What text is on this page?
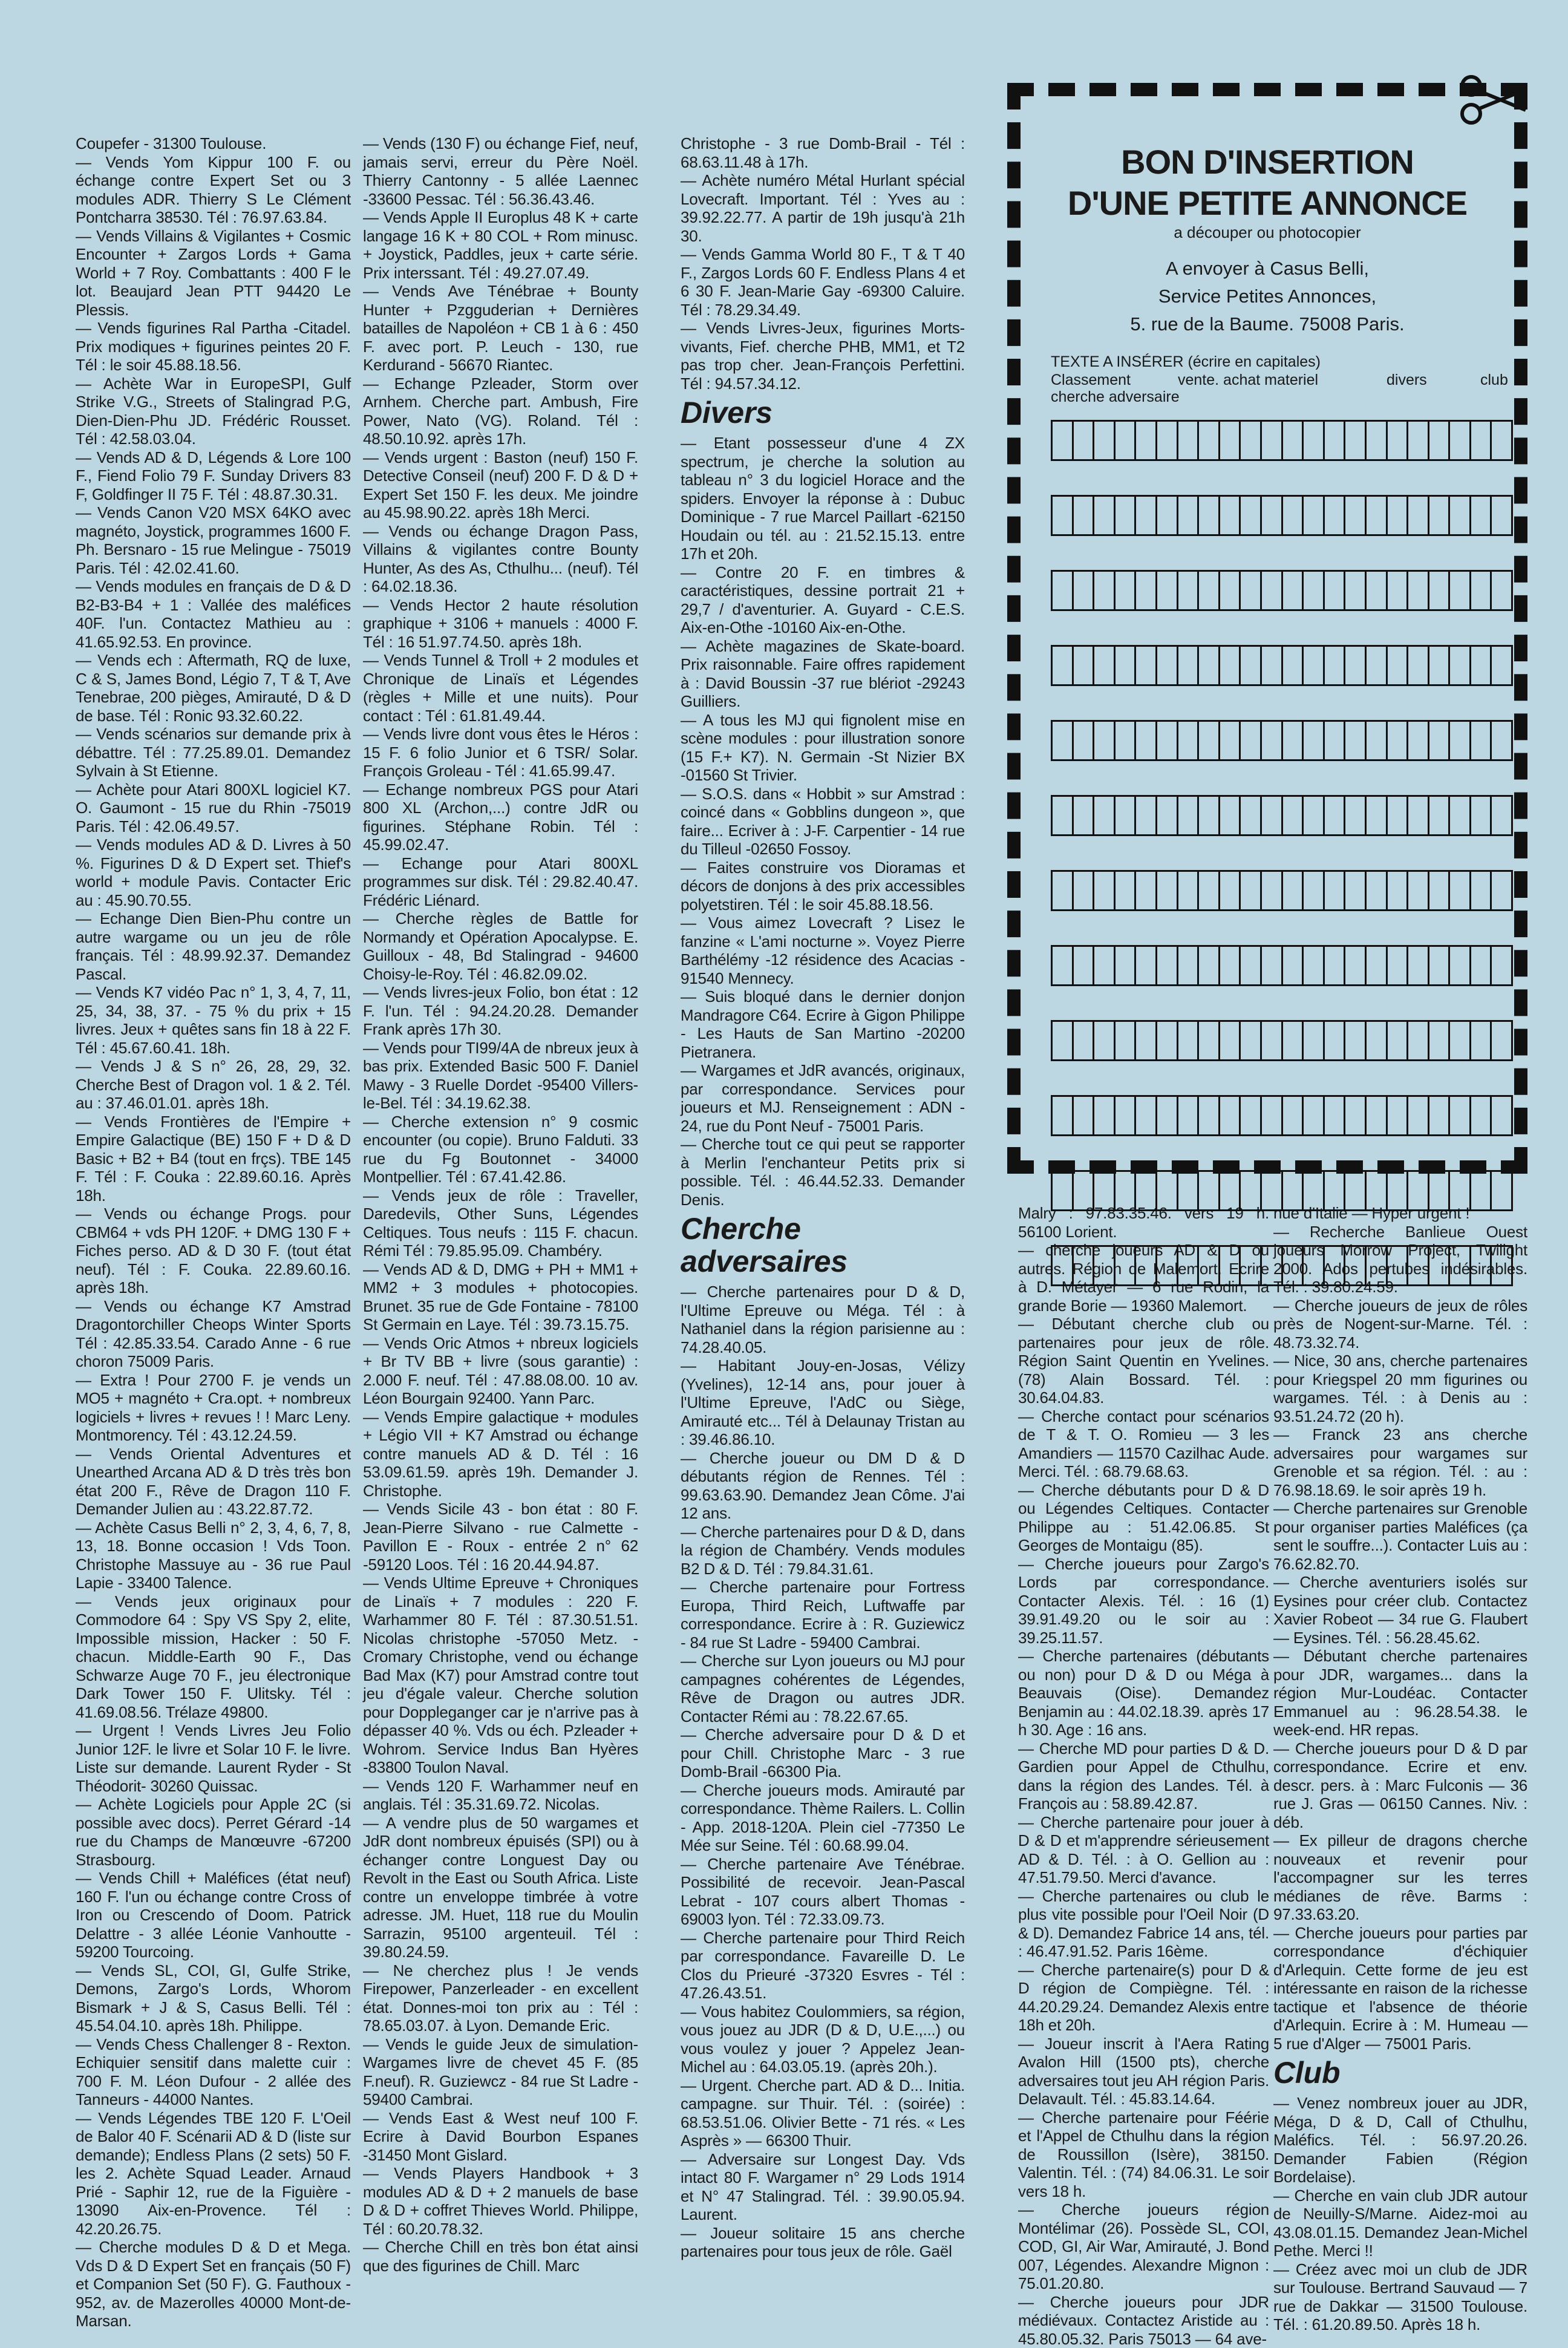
Coupefer - 31300 Toulouse.
— Vends Yom Kippur 100 F. ou échange contre Expert Set ou 3 modules ADR. Thierry S Le Clément Pontcharra 38530. Tél : 76.97.63.84.
— Vends Villains & Vigilantes + Cosmic Encounter + Zargos Lords + Gama World + 7 Roy. Combattants : 400 F le lot. Beaujard Jean PTT 94420 Le Plessis.
— Vends figurines Ral Partha -Citadel. Prix modiques + figurines peintes 20 F. Tél : le soir 45.88.18.56.
— Achète War in EuropeSPI, Gulf Strike V.G., Streets of Stalingrad P.G, Dien-Dien-Phu JD. Frédéric Rousset. Tél : 42.58.03.04.
— Vends AD & D, Légends & Lore 100 F., Fiend Folio 79 F. Sunday Drivers 83 F, Goldfinger II 75 F. Tél : 48.87.30.31.
— Vends Canon V20 MSX 64KO avec magnéto, Joystick, programmes 1600 F. Ph. Bersnaro - 15 rue Melingue - 75019 Paris. Tél : 42.02.41.60.
— Vends modules en français de D & D B2-B3-B4 + 1 : Vallée des maléfices 40F. l'un. Contactez Mathieu au : 41.65.92.53. En province.
— Vends ech : Aftermath, RQ de luxe, C & S, James Bond, Légio 7, T & T, Ave Tenebrae, 200 pièges, Amirauté, D & D de base. Tél : Ronic 93.32.60.22.
— Vends scénarios sur demande prix à débattre. Tél : 77.25.89.01. Demandez Sylvain à St Etienne.
— Achète pour Atari 800XL logiciel K7. O. Gaumont - 15 rue du Rhin -75019 Paris. Tél : 42.06.49.57.
— Vends modules AD & D. Livres à 50 %. Figurines D & D Expert set. Thief's world + module Pavis. Contacter Eric au : 45.90.70.55.
— Echange Dien Bien-Phu contre un autre wargame ou un jeu de rôle français. Tél : 48.99.92.37. Demandez Pascal.
— Vends K7 vidéo Pac n° 1, 3, 4, 7, 11, 25, 34, 38, 37. - 75 % du prix + 15 livres. Jeux + quêtes sans fin 18 à 22 F. Tél : 45.67.60.41. 18h.
— Vends J & S n° 26, 28, 29, 32. Cherche Best of Dragon vol. 1 & 2. Tél. au : 37.46.01.01. après 18h.
— Vends Frontières de l'Empire + Empire Galactique (BE) 150 F + D & D Basic + B2 + B4 (tout en frçs). TBE 145 F. Tél : F. Couka : 22.89.60.16. Après 18h.
— Vends ou échange Progs. pour CBM64 + vds PH 120F. + DMG 130 F + Fiches perso. AD & D 30 F. (tout état neuf). Tél : F. Couka. 22.89.60.16. après 18h.
— Vends ou échange K7 Amstrad Dragontorchiller Cheops Winter Sports Tél : 42.85.33.54. Carado Anne - 6 rue choron 75009 Paris.
— Extra ! Pour 2700 F. je vends un MO5 + magnéto + Cra.opt. + nombreux logiciels + livres + revues ! ! Marc Leny. Montmorency. Tél : 43.12.24.59.
— Vends Oriental Adventures et Unearthed Arcana AD & D très très bon état 200 F., Rêve de Dragon 110 F. Demander Julien au : 43.22.87.72.
— Achète Casus Belli n° 2, 3, 4, 6, 7, 8, 13, 18. Bonne occasion ! Vds Toon. Christophe Massuye au - 36 rue Paul Lapie - 33400 Talence.
— Vends jeux originaux pour Commodore 64 : Spy VS Spy 2, elite, Impossible mission, Hacker : 50 F. chacun. Middle-Earth 90 F., Das Schwarze Auge 70 F., jeu électronique Dark Tower 150 F. Ulitsky. Tél : 41.69.08.56. Trélaze 49800.
— Urgent ! Vends Livres Jeu Folio Junior 12F. le livre et Solar 10 F. le livre. Liste sur demande. Laurent Ryder - St Théodorit- 30260 Quissac.
— Achète Logiciels pour Apple 2C (si possible avec docs). Perret Gérard -14 rue du Champs de Manœuvre -67200 Strasbourg.
— Vends Chill + Maléfices (état neuf) 160 F. l'un ou échange contre Cross of Iron ou Crescendo of Doom. Patrick Delattre - 3 allée Léonie Vanhoutte - 59200 Tourcoing.
— Vends SL, COI, GI, Gulfe Strike, Demons, Zargo's Lords, Whorom Bismark + J & S, Casus Belli. Tél : 45.54.04.10. après 18h. Philippe.
— Vends Chess Challenger 8 - Rexton. Echiquier sensitif dans malette cuir : 700 F. M. Léon Dufour - 2 allée des Tanneurs - 44000 Nantes.
— Vends Légendes TBE 120 F. L'Oeil de Balor 40 F. Scénarii AD & D (liste sur demande); Endless Plans (2 sets) 50 F. les 2. Achète Squad Leader. Arnaud Prié - Saphir 12, rue de la Figuière - 13090 Aix-en-Provence. Tél : 42.20.26.75.
— Cherche modules D & D et Mega. Vds D & D Expert Set en français (50 F) et Companion Set (50 F). G. Fauthoux - 952, av. de Mazerolles 40000 Mont-de-Marsan.
— Vends (130 F) ou échange Fief, neuf, jamais servi, erreur du Père Noël. Thierry Cantonny - 5 allée Laennec -33600 Pessac. Tél : 56.36.43.46.
— Vends Apple II Europlus 48 K + carte langage 16 K + 80 COL + Rom minusc. + Joystick, Paddles, jeux + carte série. Prix interssant. Tél : 49.27.07.49.
— Vends Ave Ténébrae + Bounty Hunter + Pzgguderian + Dernières batailles de Napoléon + CB 1 à 6 : 450 F. avec port. P. Leuch - 130, rue Kerdurand - 56670 Riantec.
— Echange Pzleader, Storm over Arnhem. Cherche part. Ambush, Fire Power, Nato (VG). Roland. Tél : 48.50.10.92. après 17h.
— Vends urgent : Baston (neuf) 150 F. Detective Conseil (neuf) 200 F. D & D + Expert Set 150 F. les deux. Me joindre au 45.98.90.22. après 18h Merci.
— Vends ou échange Dragon Pass, Villains & vigilantes contre Bounty Hunter, As des As, Cthulhu... (neuf). Tél : 64.02.18.36.
— Vends Hector 2 haute résolution graphique + 3106 + manuels : 4000 F. Tél : 16 51.97.74.50. après 18h.
— Vends Tunnel & Troll + 2 modules et Chronique de Linaïs et Légendes (règles + Mille et une nuits). Pour contact : Tél : 61.81.49.44.
— Vends livre dont vous êtes le Héros : 15 F. 6 folio Junior et 6 TSR/ Solar. François Groleau - Tél : 41.65.99.47.
— Echange nombreux PGS pour Atari 800 XL (Archon,...) contre JdR ou figurines. Stéphane Robin. Tél : 45.99.02.47.
— Echange pour Atari 800XL programmes sur disk. Tél : 29.82.40.47. Frédéric Liénard.
— Cherche règles de Battle for Normandy et Opération Apocalypse. E. Guilloux - 48, Bd Stalingrad - 94600 Choisy-le-Roy. Tél : 46.82.09.02.
— Vends livres-jeux Folio, bon état : 12 F. l'un. Tél : 94.24.20.28. Demander Frank après 17h 30.
— Vends pour TI99/4A de nbreux jeux à bas prix. Extended Basic 500 F. Daniel Mawy - 3 Ruelle Dordet -95400 Villers-le-Bel. Tél : 34.19.62.38.
— Cherche extension n° 9 cosmic encounter (ou copie). Bruno Falduti. 33 rue du Fg Boutonnet - 34000 Montpellier. Tél : 67.41.42.86.
— Vends jeux de rôle : Traveller, Daredevils, Other Suns, Légendes Celtiques. Tous neufs : 115 F. chacun. Rémi Tél : 79.85.95.09. Chambéry.
— Vends AD & D, DMG + PH + MM1 + MM2 + 3 modules + photocopies. Brunet. 35 rue de Gde Fontaine - 78100 St Germain en Laye. Tél : 39.73.15.75.
— Vends Oric Atmos + nbreux logiciels + Br TV BB + livre (sous garantie) : 2.000 F. neuf. Tél : 47.88.08.00. 10 av. Léon Bourgain 92400. Yann Parc.
— Vends Empire galactique + modules + Légio VII + K7 Amstrad ou échange contre manuels AD & D. Tél : 16 53.09.61.59. après 19h. Demander J. Christophe.
— Vends Sicile 43 - bon état : 80 F. Jean-Pierre Silvano - rue Calmette -Pavillon E - Roux - entrée 2 n° 62 -59120 Loos. Tél : 16 20.44.94.87.
— Vends Ultime Epreuve + Chroniques de Linaïs + 7 modules : 220 F. Warhammer 80 F. Tél : 87.30.51.51. Nicolas christophe -57050 Metz. - Cromary Christophe, vend ou échange Bad Max (K7) pour Amstrad contre tout jeu d'égale valeur. Cherche solution pour Doppleganger car je n'arrive pas à dépasser 40 %. Vds ou éch. Pzleader + Wohrom. Service Indus Ban Hyères -83800 Toulon Naval.
— Vends 120 F. Warhammer neuf en anglais. Tél : 35.31.69.72. Nicolas.
— A vendre plus de 50 wargames et JdR dont nombreux épuisés (SPI) ou à échanger contre Longuest Day ou Revolt in the East ou South Africa. Liste contre un enveloppe timbrée à votre adresse. JM. Huet, 118 rue du Moulin Sarrazin, 95100 argenteuil. Tél : 39.80.24.59.
— Ne cherchez plus ! Je vends Firepower, Panzerleader - en excellent état. Donnes-moi ton prix au : Tél : 78.65.03.07. à Lyon. Demande Eric.
— Vends le guide Jeux de simulation-Wargames livre de chevet 45 F. (85 F.neuf). R. Guziewcz - 84 rue St Ladre - 59400 Cambrai.
— Vends East & West neuf 100 F. Ecrire à David Bourbon Espanes -31450 Mont Gislard.
— Vends Players Handbook + 3 modules AD & D + 2 manuels de base D & D + coffret Thieves World. Philippe, Tél : 60.20.78.32.
— Cherche Chill en très bon état ainsi que des figurines de Chill. Marc
Christophe - 3 rue Domb-Brail - Tél : 68.63.11.48 à 17h.
— Achète numéro Métal Hurlant spécial Lovecraft. Important. Tél : Yves au : 39.92.22.77. A partir de 19h jusqu'à 21h 30.
— Vends Gamma World 80 F., T & T 40 F., Zargos Lords 60 F. Endless Plans 4 et 6 30 F. Jean-Marie Gay -69300 Caluire. Tél : 78.29.34.49.
— Vends Livres-Jeux, figurines Morts-vivants, Fief. cherche PHB, MM1, et T2 pas trop cher. Jean-François Perfettini. Tél : 94.57.34.12.
Divers
— Etant possesseur d'une 4 ZX spectrum, je cherche la solution au tableau n° 3 du logiciel Horace and the spiders. Envoyer la réponse à : Dubuc Dominique - 7 rue Marcel Paillart -62150 Houdain ou tél. au : 21.52.15.13. entre 17h et 20h.
— Contre 20 F. en timbres & caractéristiques, dessine portrait 21 + 29,7 / d'aventurier. A. Guyard - C.E.S. Aix-en-Othe -10160 Aix-en-Othe.
— Achète magazines de Skate-board. Prix raisonnable. Faire offres rapidement à : David Boussin -37 rue blériot -29243 Guilliers.
— A tous les MJ qui fignolent mise en scène modules : pour illustration sonore (15 F.+ K7). N. Germain -St Nizier BX -01560 St Trivier.
— S.O.S. dans « Hobbit » sur Amstrad : coincé dans « Gobblins dungeon », que faire... Ecriver à : J-F. Carpentier - 14 rue du Tilleul -02650 Fossoy.
— Faites construire vos Dioramas et décors de donjons à des prix accessibles polyetstiren. Tél : le soir 45.88.18.56.
— Vous aimez Lovecraft ? Lisez le fanzine « L'ami nocturne ». Voyez Pierre Barthélémy -12 résidence des Acacias - 91540 Mennecy.
— Suis bloqué dans le dernier donjon Mandragore C64. Ecrire à Gigon Philippe - Les Hauts de San Martino -20200 Pietranera.
— Wargames et JdR avancés, originaux, par correspondance. Services pour joueurs et MJ. Renseignement : ADN - 24, rue du Pont Neuf - 75001 Paris.
— Cherche tout ce qui peut se rapporter à Merlin l'enchanteur Petits prix si possible. Tél. : 46.44.52.33. Demander Denis.
Cherche adversaires
— Cherche partenaires pour D & D, l'Ultime Epreuve ou Méga. Tél : à Nathaniel dans la région parisienne au : 74.28.40.05.
— Habitant Jouy-en-Josas, Vélizy (Yvelines), 12-14 ans, pour jouer à l'Ultime Epreuve, l'AdC ou Siège, Amirauté etc... Tél à Delaunay Tristan au : 39.46.86.10.
— Cherche joueur ou DM D & D débutants région de Rennes. Tél : 99.63.63.90. Demandez Jean Côme. J'ai 12 ans.
— Cherche partenaires pour D & D, dans la région de Chambéry. Vends modules B2 D & D. Tél : 79.84.31.61.
— Cherche partenaire pour Fortress Europa, Third Reich, Luftwaffe par correspondance. Ecrire à : R. Guziewicz - 84 rue St Ladre - 59400 Cambrai.
— Cherche sur Lyon joueurs ou MJ pour campagnes cohérentes de Légendes, Rêve de Dragon ou autres JDR. Contacter Rémi au : 78.22.67.65.
— Cherche adversaire pour D & D et pour Chill. Christophe Marc - 3 rue Domb-Brail -66300 Pia.
— Cherche joueurs mods. Amirauté par correspondance. Thème Railers. L. Collin - App. 2018-120A. Plein ciel -77350 Le Mée sur Seine. Tél : 60.68.99.04.
— Cherche partenaire Ave Ténébrae. Possibilité de recevoir. Jean-Pascal Lebrat - 107 cours albert Thomas - 69003 lyon. Tél : 72.33.09.73.
— Cherche partenaire pour Third Reich par correspondance. Favareille D. Le Clos du Prieuré -37320 Esvres - Tél : 47.26.43.51.
— Vous habitez Coulommiers, sa région, vous jouez au JDR (D & D, U.E.,...) ou vous voulez y jouer ? Appelez Jean-Michel au : 64.03.05.19. (après 20h.).
— Urgent. Cherche part. AD & D... Initia. campagne. sur Thuir. Tél. : (soirée) : 68.53.51.06. Olivier Bette - 71 rés. « Les Asprès » — 66300 Thuir.
— Adversaire sur Longest Day. Vds intact 80 F. Wargamer n° 29 Lods 1914 et N° 47 Stalingrad. Tél. : 39.90.05.94. Laurent.
— Joueur solitaire 15 ans cherche partenaires pour tous jeux de rôle. Gaël
Malry : 97.83.35.46. vers 19 h. 56100 Lorient.
— cherche joueurs AD & D ou autres. Région de Malemort. Ecrire à D. Métayer — 6 rue Rodin, la grande Borie — 19360 Malemort.
— Débutant cherche club ou partenaires pour jeux de rôle. Région Saint Quentin en Yvelines. (78) Alain Bossard. Tél. : 30.64.04.83.
— Cherche contact pour scénarios de T & T. O. Romieu — 3 les Amandiers — 11570 Cazilhac Aude. Merci. Tél. : 68.79.68.63.
— Cherche débutants pour D & D ou Légendes Celtiques. Contacter Philippe au : 51.42.06.85. St Georges de Montaigu (85).
— Cherche joueurs pour Zargo's Lords par correspondance. Contacter Alexis. Tél. : 16 (1) 39.91.49.20 ou le soir au : 39.25.11.57.
— Cherche partenaires (débutants ou non) pour D & D ou Méga à Beauvais (Oise). Demandez Benjamin au : 44.02.18.39. après 17 h 30. Age : 16 ans.
— Cherche MD pour parties D & D. Gardien pour Appel de Cthulhu, dans la région des Landes. Tél. à François au : 58.89.42.87.
— Cherche partenaire pour jouer à D & D et m'apprendre sérieusement AD & D. Tél. : à O. Gellion au : 47.51.79.50. Merci d'avance.
— Cherche partenaires ou club le plus vite possible pour l'Oeil Noir (D & D). Demandez Fabrice 14 ans, tél. : 46.47.91.52. Paris 16ème.
— Cherche partenaire(s) pour D & D région de Compiègne. Tél. : 44.20.29.24. Demandez Alexis entre 18h et 20h.
— Joueur inscrit à l'Aera Rating Avalon Hill (1500 pts), cherche adversaires tout jeu AH région Paris. Delavault. Tél. : 45.83.14.64.
— Cherche partenaire pour Féérie et l'Appel de Cthulhu dans la région de Roussillon (Isère), 38150. Valentin. Tél. : (74) 84.06.31. Le soir vers 18 h.
— Cherche joueurs région Montélimar (26). Possède SL, COI, COD, GI, Air War, Amirauté, J. Bond 007, Légendes. Alexandre Mignon : 75.01.20.80.
— Cherche joueurs pour JDR médiévaux. Contactez Aristide au : 45.80.05.32. Paris 75013 — 64 ave-
nue d'Italie — Hyper urgent !
— Recherche Banlieue Ouest joueurs Morrow Project, Twilight 2000. Ados pertubes indésirables. Tél. : 39.80.24.59.
— Cherche joueurs de jeux de rôles près de Nogent-sur-Marne. Tél. : 48.73.32.74.
— Nice, 30 ans, cherche partenaires pour Kriegspel 20 mm figurines ou wargames. Tél. : à Denis au : 93.51.24.72 (20 h).
— Franck 23 ans cherche adversaires pour wargames sur Grenoble et sa région. Tél. : au : 76.98.18.69. le soir après 19 h.
— Cherche partenaires sur Grenoble pour organiser parties Maléfices (ça sent le souffre...). Contacter Luis au : 76.62.82.70.
— Cherche aventuriers isolés sur Eysines pour créer club. Contactez Xavier Robeot — 34 rue G. Flaubert — Eysines. Tél. : 56.28.45.62.
— Débutant cherche partenaires pour JDR, wargames... dans la région Mur-Loudéac. Contacter Emmanuel au : 96.28.54.38. le week-end. HR repas.
— Cherche joueurs pour D & D par correspondance. Ecrire et env. descr. pers. à : Marc Fulconis — 36 rue J. Gras — 06150 Cannes. Niv. : déb.
— Ex pilleur de dragons cherche nouveaux et revenir pour l'accompagner sur les terres médianes de rêve. Barms : 97.33.63.20.
— Cherche joueurs pour parties par correspondance d'échiquier d'Arlequin. Cette forme de jeu est intéressante en raison de la richesse tactique et l'absence de théorie d'Arlequin. Ecrire à : M. Humeau — 5 rue d'Alger — 75001 Paris.
Club
— Venez nombreux jouer au JDR, Méga, D & D, Call of Cthulhu, Maléfics. Tél. : 56.97.20.26. Demander Fabien (Région Bordelaise).
— Cherche en vain club JDR autour de Neuilly-S/Marne. Aidez-moi au 43.08.01.15. Demandez Jean-Michel Pethe. Merci !!
— Créez avec moi un club de JDR sur Toulouse. Bertrand Sauvaud — 7 rue de Dakkar — 31500 Toulouse. Tél. : 61.20.89.50. Après 18 h.
BON D'INSERTION
D'UNE PETITE ANNONCE
a découper ou photocopier
A envoyer à Casus Belli,
Service Petites Annonces,
5. rue de la Baume. 75008 Paris.
TEXTE A INSÉRER (écrire en capitales)
Classement	vente. achat materiel	divers	club
cherche adversaire
